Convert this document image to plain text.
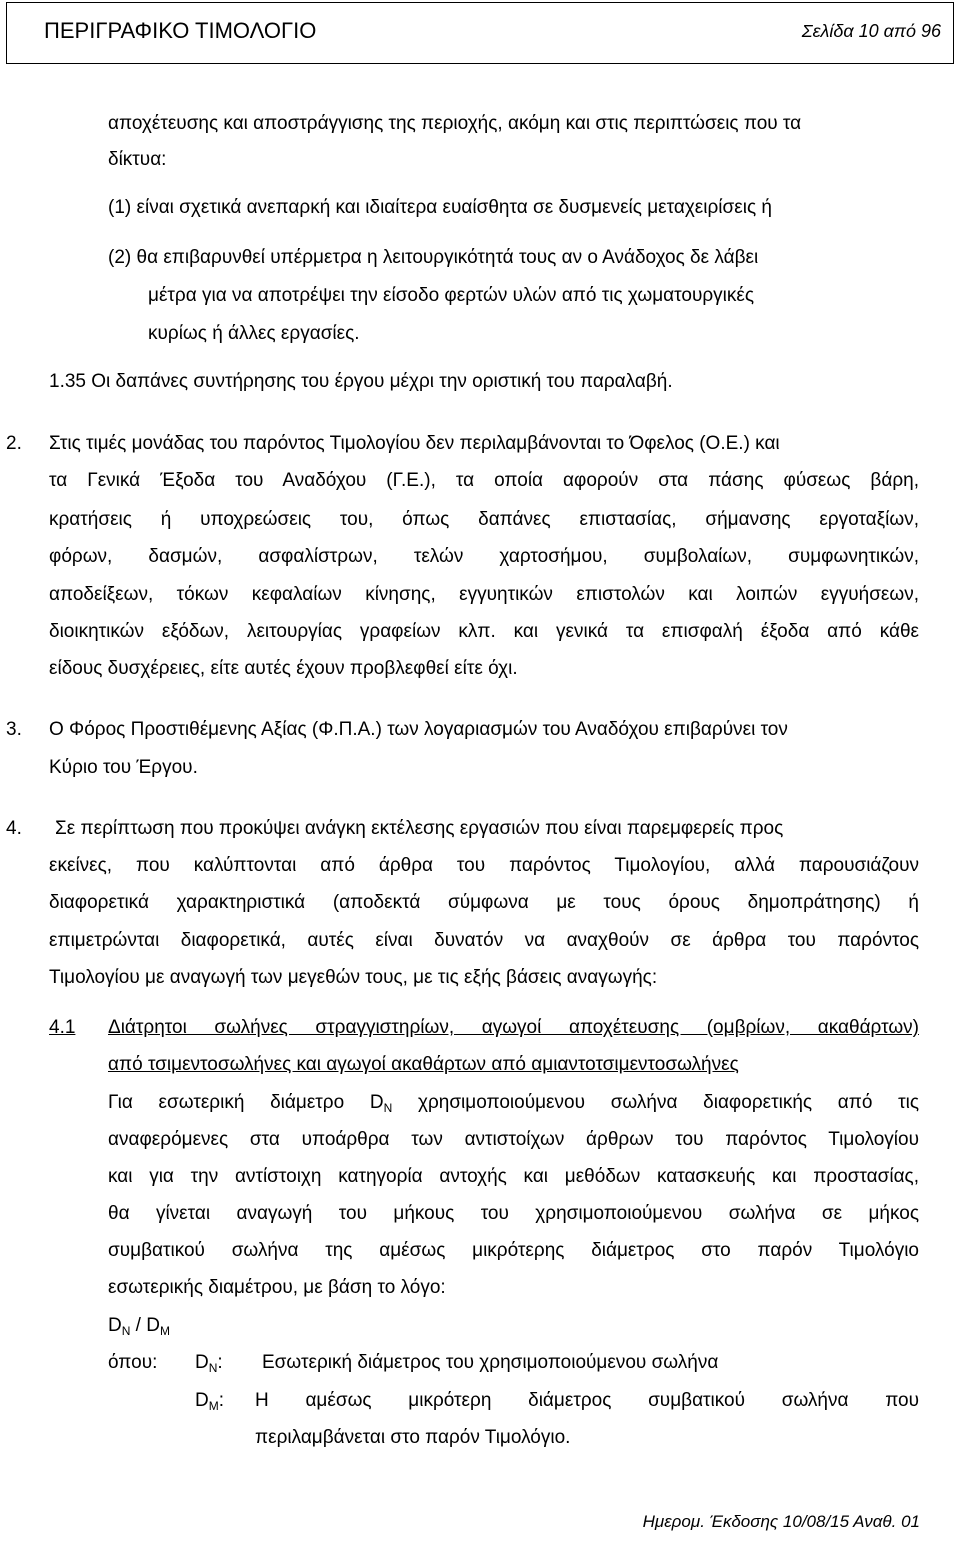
ΠΕΡΙΓΡΑΦΙΚΟ ΤΙΜΟΛΟΓΙΟ	Σελίδα 10 από 96

αποχέτευσης και αποστράγγισης της περιοχής, ακόμη και στις περιπτώσεις που τα

δίκτυα:

(1) είναι σχετικά ανεπαρκή και ιδιαίτερα ευαίσθητα σε δυσμενείς μεταχειρίσεις ή

(2) θα επιβαρυνθεί υπέρμετρα η λειτουργικότητά τους αν ο Ανάδοχος δε λάβει

μέτρα για να αποτρέψει την είσοδο φερτών υλών από τις χωματουργικές

κυρίως ή άλλες εργασίες.

1.35 Οι δαπάνες συντήρησης του έργου μέχρι την οριστική του παραλαβή.

2. Στις τιμές μονάδας του παρόντος Τιμολογίου δεν περιλαμβάνονται το Όφελος (Ο.Ε.) και

τα Γενικά Έξοδα του Αναδόχου (Γ.Ε.), τα οποία αφορούν στα πάσης φύσεως βάρη,

κρατήσεις ή υποχρεώσεις του, όπως δαπάνες επιστασίας, σήμανσης εργοταξίων,

φόρων, δασμών, ασφαλίστρων, τελών χαρτοσήμου, συμβολαίων, συμφωνητικών,

αποδείξεων, τόκων κεφαλαίων κίνησης, εγγυητικών επιστολών και λοιπών εγγυήσεων,

διοικητικών εξόδων, λειτουργίας γραφείων κλπ. και γενικά τα επισφαλή έξοδα από κάθε

είδους δυσχέρειες, είτε αυτές έχουν προβλεφθεί είτε όχι.

3. Ο Φόρος Προστιθέμενης Αξίας (Φ.Π.Α.) των λογαριασμών του Αναδόχου επιβαρύνει τον

Κύριο του Έργου.

4. Σε περίπτωση που προκύψει ανάγκη εκτέλεσης εργασιών που είναι παρεμφερείς προς

εκείνες, που καλύπτονται από άρθρα του παρόντος Τιμολογίου, αλλά παρουσιάζουν

διαφορετικά χαρακτηριστικά (αποδεκτά σύμφωνα με τους όρους δημοπράτησης) ή

επιμετρώνται διαφορετικά, αυτές είναι δυνατόν να αναχθούν σε άρθρα του παρόντος

Τιμολογίου με αναγωγή των μεγεθών τους, με τις εξής βάσεις αναγωγής:

4.1 Διάτρητοι σωλήνες στραγγιστηρίων, αγωγοί αποχέτευσης (ομβρίων, ακαθάρτων)

από τσιμεντοσωλήνες και αγωγοί ακαθάρτων από αμιαντοτσιμεντοσωλήνες

Για εσωτερική διάμετρο $D_N$ χρησιμοποιούμενου σωλήνα διαφορετικής από τις

αναφερόμενες στα υποάρθρα των αντιστοίχων άρθρων του παρόντος Τιμολογίου

και για την αντίστοιχη κατηγορία αντοχής και μεθόδων κατασκευής και προστασίας,

θα γίνεται αναγωγή του μήκους του χρησιμοποιούμενου σωλήνα σε μήκος

συμβατικού σωλήνα της αμέσως μικρότερης διάμετρος στο παρόν Τιμολόγιο

εσωτερικής διαμέτρου, με βάση το λόγο:

$D_N / D_M$

όπου: $D_N$: Εσωτερική διάμετρος του χρησιμοποιούμενου σωλήνα
$D_M$: Η αμέσως μικρότερη διάμετρος συμβατικού σωλήνα που

περιλαμβάνεται στο παρόν Τιμολόγιο.

Ημερομ. Έκδοσης 10/08/15 Αναθ. 01
